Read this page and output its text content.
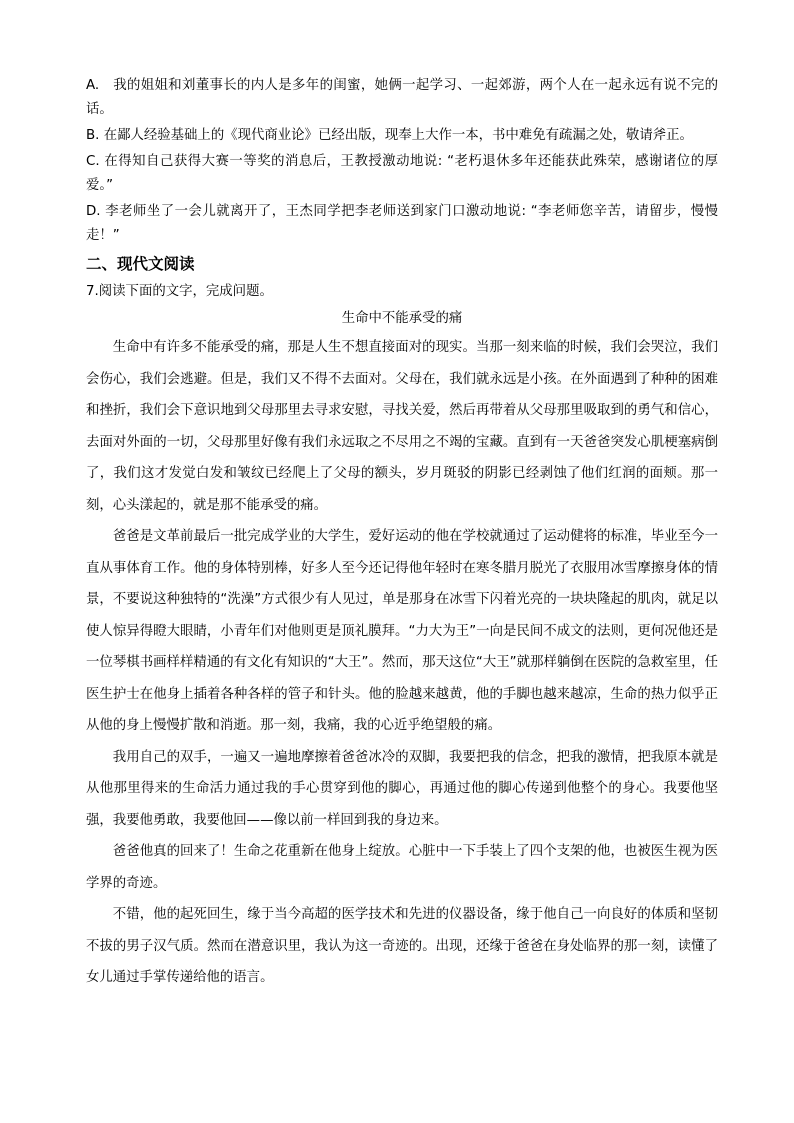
A.　我的姐姐和刘董事长的内人是多年的闺蜜，她俩一起学习、一起郊游，两个人在一起永远有说不完的话。

B. 在鄙人经验基础上的《现代商业论》已经出版，现奉上大作一本，书中难免有疏漏之处，敬请斧正。

C. 在得知自己获得大赛一等奖的消息后，王教授激动地说: “老朽退休多年还能获此殊荣，感谢诸位的厚爱。”

D. 李老师坐了一会儿就离开了，王杰同学把李老师送到家门口激动地说: “李老师您辛苦，请留步，慢慢走！”

二、现代文阅读
7.阅读下面的文字，完成问题。
生命中不能承受的痛

生命中有许多不能承受的痛，那是人生不想直接面对的现实。当那一刻来临的时候，我们会哭泣，我们会伤心，我们会逃避。但是，我们又不得不去面对。父母在，我们就永远是小孩。在外面遇到了种种的困难和挫折，我们会下意识地到父母那里去寻求安慰，寻找关爱，然后再带着从父母那里吸取到的勇气和信心，去面对外面的一切，父母那里好像有我们永远取之不尽用之不竭的宝藏。直到有一天爸爸突发心肌梗塞病倒了，我们这才发觉白发和皱纹已经爬上了父母的额头，岁月斑驳的阴影已经剥蚀了他们红润的面颊。那一刻，心头漾起的，就是那不能承受的痛。

爸爸是文革前最后一批完成学业的大学生，爱好运动的他在学校就通过了运动健将的标准，毕业至今一直从事体育工作。他的身体特别棒，好多人至今还记得他年轻时在寒冬腊月脱光了衣服用冰雪摩擦身体的情景，不要说这种独特的“洗澡”方式很少有人见过，单是那身在冰雪下闪着光亮的一块块隆起的肌肉，就足以使人惊异得瞪大眼睛，小青年们对他则更是顶礼膜拜。“力大为王”一向是民间不成文的法则，更何况他还是一位琴棋书画样样精通的有文化有知识的“大王”。然而，那天这位“大王”就那样躺倒在医院的急救室里，任医生护士在他身上插着各种各样的管子和针头。他的脸越来越黄，他的手脚也越来越凉，生命的热力似乎正从他的身上慢慢扩散和消逝。那一刻，我痛，我的心近乎绝望般的痛。

我用自己的双手，一遍又一遍地摩擦着爸爸冰冷的双脚，我要把我的信念，把我的激情，把我原本就是从他那里得来的生命活力通过我的手心贯穿到他的脚心，再通过他的脚心传递到他整个的身心。我要他坚强，我要他勇敢，我要他回——像以前一样回到我的身边来。

爸爸他真的回来了！生命之花重新在他身上绽放。心脏中一下手装上了四个支架的他，也被医生视为医学界的奇迹。

不错，他的起死回生，缘于当今高超的医学技术和先进的仪器设备，缘于他自己一向良好的体质和坚韧不拔的男子汉气质。然而在潜意识里，我认为这一奇迹的。出现，还缘于爸爸在身处临界的那一刻，读懂了女儿通过手掌传递给他的语言。
